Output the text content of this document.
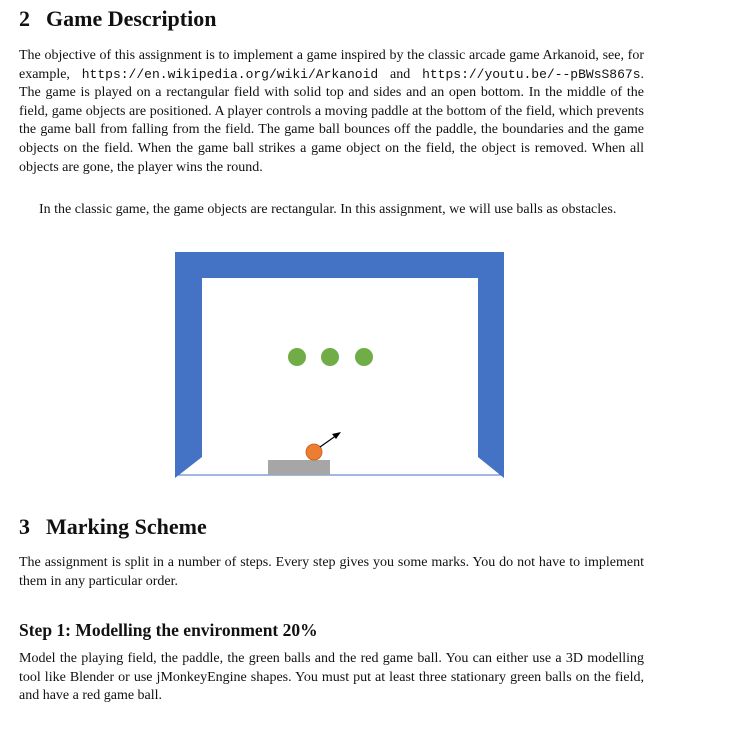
2 Game Description

The objective of this assignment is to implement a game inspired by the classic arcade game Arkanoid, see, for example, https://en.wikipedia.org/wiki/Arkanoid and https://youtu.be/--pBWsS867s. The game is played on a rectangular field with solid top and sides and an open bottom. In the middle of the field, game objects are positioned. A player controls a moving paddle at the bottom of the field, which prevents the game ball from falling from the field. The game ball bounces off the paddle, the boundaries and the game objects on the field. When the game ball strikes a game object on the field, the object is removed. When all objects are gone, the player wins the round.

In the classic game, the game objects are rectangular. In this assignment, we will use balls as obstacles.

3 Marking Scheme

The assignment is split in a number of steps. Every step gives you some marks. You do not have to implement them in any particular order.

Step 1: Modelling the environment 20%

Model the playing field, the paddle, the green balls and the red game ball. You can either use a 3D modelling tool like Blender or use jMonkeyEngine shapes. You must put at least three stationary green balls on the field, and have a red game ball.
